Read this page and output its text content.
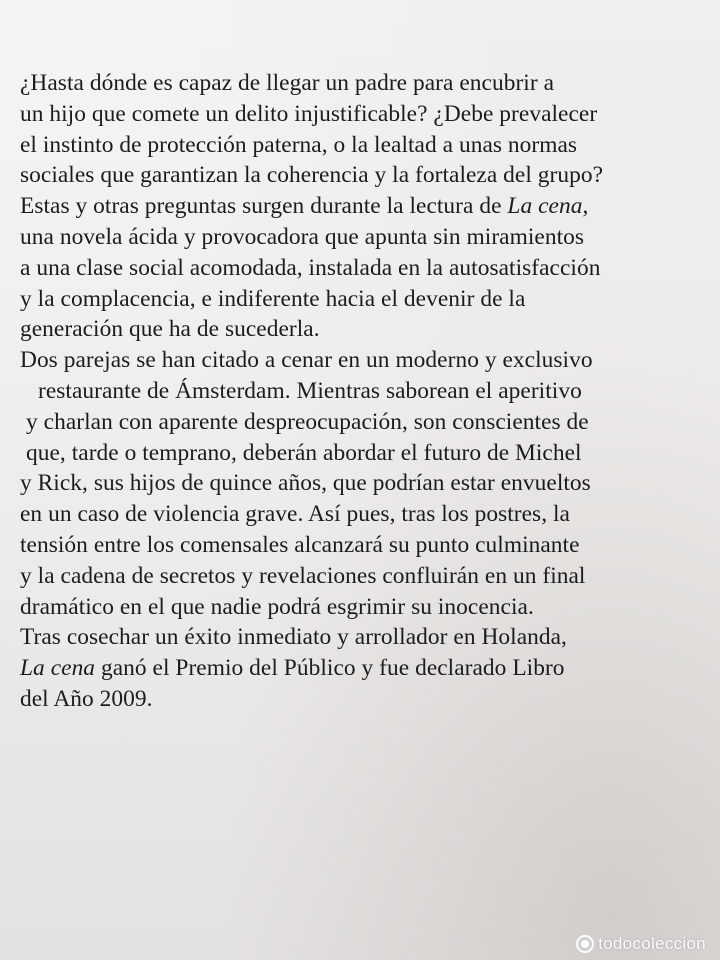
¿Hasta dónde es capaz de llegar un padre para encubrir a
un hijo que comete un delito injustificable? ¿Debe prevalecer
el instinto de protección paterna, o la lealtad a unas normas
sociales que garantizan la coherencia y la fortaleza del grupo?
Estas y otras preguntas surgen durante la lectura de La cena,
una novela ácida y provocadora que apunta sin miramientos
a una clase social acomodada, instalada en la autosatisfacción
y la complacencia, e indiferente hacia el devenir de la
generación que ha de sucederla.
Dos parejas se han citado a cenar en un moderno y exclusivo
restaurante de Ámsterdam. Mientras saborean el aperitivo
y charlan con aparente despreocupación, son conscientes de
que, tarde o temprano, deberán abordar el futuro de Michel
y Rick, sus hijos de quince años, que podrían estar envueltos
en un caso de violencia grave. Así pues, tras los postres, la
tensión entre los comensales alcanzará su punto culminante
y la cadena de secretos y revelaciones confluirán en un final
dramático en el que nadie podrá esgrimir su inocencia.
Tras cosechar un éxito inmediato y arrollador en Holanda,
La cena ganó el Premio del Público y fue declarado Libro
del Año 2009.
todocoleccion
